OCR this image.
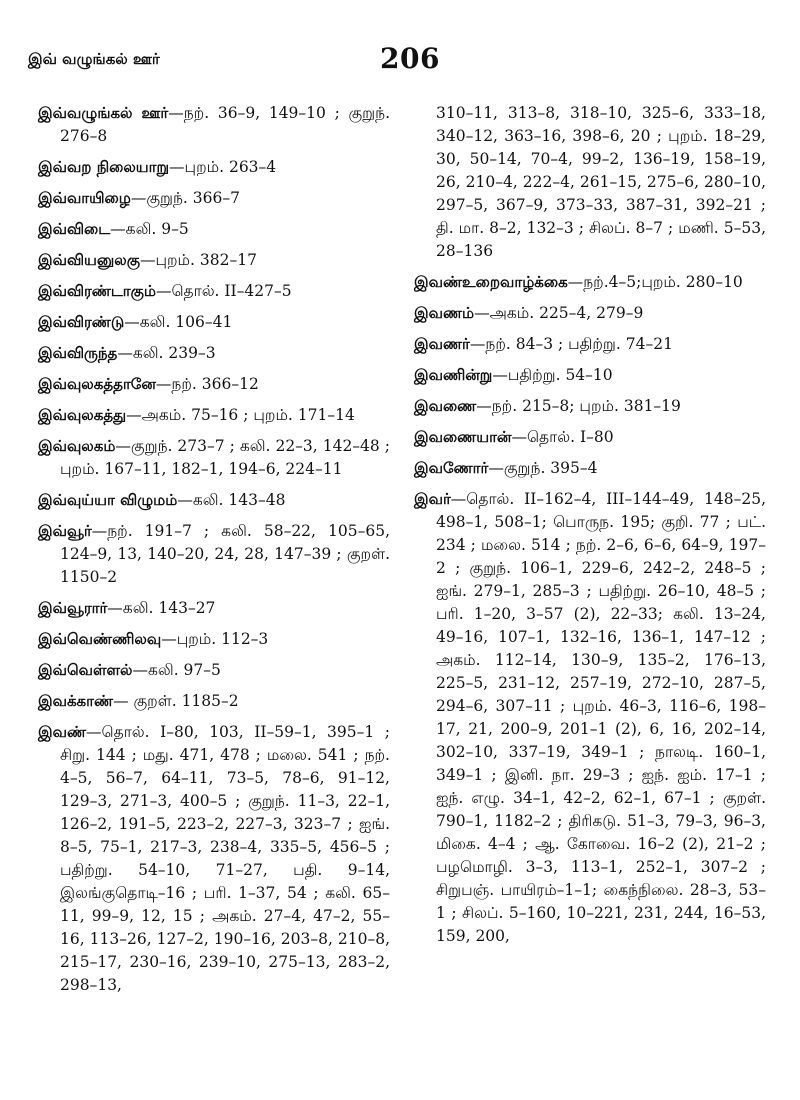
இவ் வழுங்கல் ஊர்	206

இவ்வழுங்கல் ஊர்—நற். 36–9, 149–10 ; குறுந். 276–8

இவ்வற நிலையாறு—புறம். 263–4

இவ்வாயிழை—குறுந். 366–7

இவ்விடை—கலி. 9–5

இவ்வியனுலகு—புறம். 382–17

இவ்விரண்டாகும்—தொல். II–427–5

இவ்விரண்டு—கலி. 106–41

இவ்விருந்த—கலி. 239–3

இவ்வுலகத்தானே—நற். 366–12

இவ்வுலகத்து—அகம். 75–16 ; புறம். 171–14

இவ்வுலகம்—குறுந். 273–7 ; கலி. 22–3, 142–48 ; புறம். 167–11, 182–1, 194–6, 224–11

இவ்வுய்யா விழுமம்—கலி. 143–48

இவ்வூர்—நற். 191–7 ; கலி. 58–22, 105–65, 124–9, 13, 140–20, 24, 28, 147–39 ; குறள். 1150–2

இவ்வூரார்—கலி. 143–27

இவ்வெண்ணிலவு—புறம். 112–3

இவ்வெள்ளல்—கலி. 97–5

இவக்காண்— குறள். 1185–2

இவண்—தொல். I–80, 103, II–59–1, 395–1 ; சிறு. 144 ; மது. 471, 478 ; மலை. 541 ; நற். 4–5, 56–7, 64–11, 73–5, 78–6, 91–12, 129–3, 271–3, 400–5 ; குறுந். 11–3, 22–1, 126–2, 191–5, 223–2, 227–3, 323–7 ; ஐங். 8–5, 75–1, 217–3, 238–4, 335–5, 456–5 ; பதிற்று. 54–10, 71–27, பதி. 9–14, இலங்குதொடி–16 ; பரி. 1–37, 54 ; கலி. 65–11, 99–9, 12, 15 ; அகம். 27–4, 47–2, 55–16, 113–26, 127–2, 190–16, 203–8, 210–8, 215–17, 230–16, 239–10, 275–13, 283–2, 298–13,

310–11, 313–8, 318–10, 325–6, 333–18, 340–12, 363–16, 398–6, 20 ; புறம். 18–29, 30, 50–14, 70–4, 99–2, 136–19, 158–19, 26, 210–4, 222–4, 261–15, 275–6, 280–10, 297–5, 367–9, 373–33, 387–31, 392–21 ; தி. மா. 8–2, 132–3 ; சிலப். 8–7 ; மணி. 5–53, 28–136

இவண்உறைவாழ்க்கை—நற்.4–5;புறம். 280–10

இவணம்—அகம். 225–4, 279–9

இவணர்—நற். 84–3 ; பதிற்று. 74–21

இவணின்று—பதிற்று. 54–10

இவணை—நற். 215–8; புறம். 381–19

இவணையான்—தொல். I–80

இவணோர்—குறுந். 395–4

இவர்—தொல். II–162–4, III–144–49, 148–25, 498–1, 508–1; பொருந. 195; குறி. 77 ; பட். 234 ; மலை. 514 ; நற். 2–6, 6–6, 64–9, 197–2 ; குறுந். 106–1, 229–6, 242–2, 248–5 ; ஐங். 279–1, 285–3 ; பதிற்று. 26–10, 48–5 ; பரி. 1–20, 3–57 (2), 22–33; கலி. 13–24, 49–16, 107–1, 132–16, 136–1, 147–12 ; அகம். 112–14, 130–9, 135–2, 176–13, 225–5, 231–12, 257–19, 272–10, 287–5, 294–6, 307–11 ; புறம். 46–3, 116–6, 198–17, 21, 200–9, 201–1 (2), 6, 16, 202–14, 302–10, 337–19, 349–1 ; நாலடி. 160–1, 349–1 ; இனி. நா. 29–3 ; ஐந். ஐம். 17–1 ; ஐந். எழு. 34–1, 42–2, 62–1, 67–1 ; குறள். 790–1, 1182–2 ; திரிகடு. 51–3, 79–3, 96–3, மிகை. 4–4 ; ஆ. கோவை. 16–2 (2), 21–2 ; பழமொழி. 3–3, 113–1, 252–1, 307–2 ; சிறுபஞ். பாயிரம்–1–1; கைந்நிலை. 28–3, 53–1 ; சிலப். 5–160, 10–221, 231, 244, 16–53, 159, 200,
